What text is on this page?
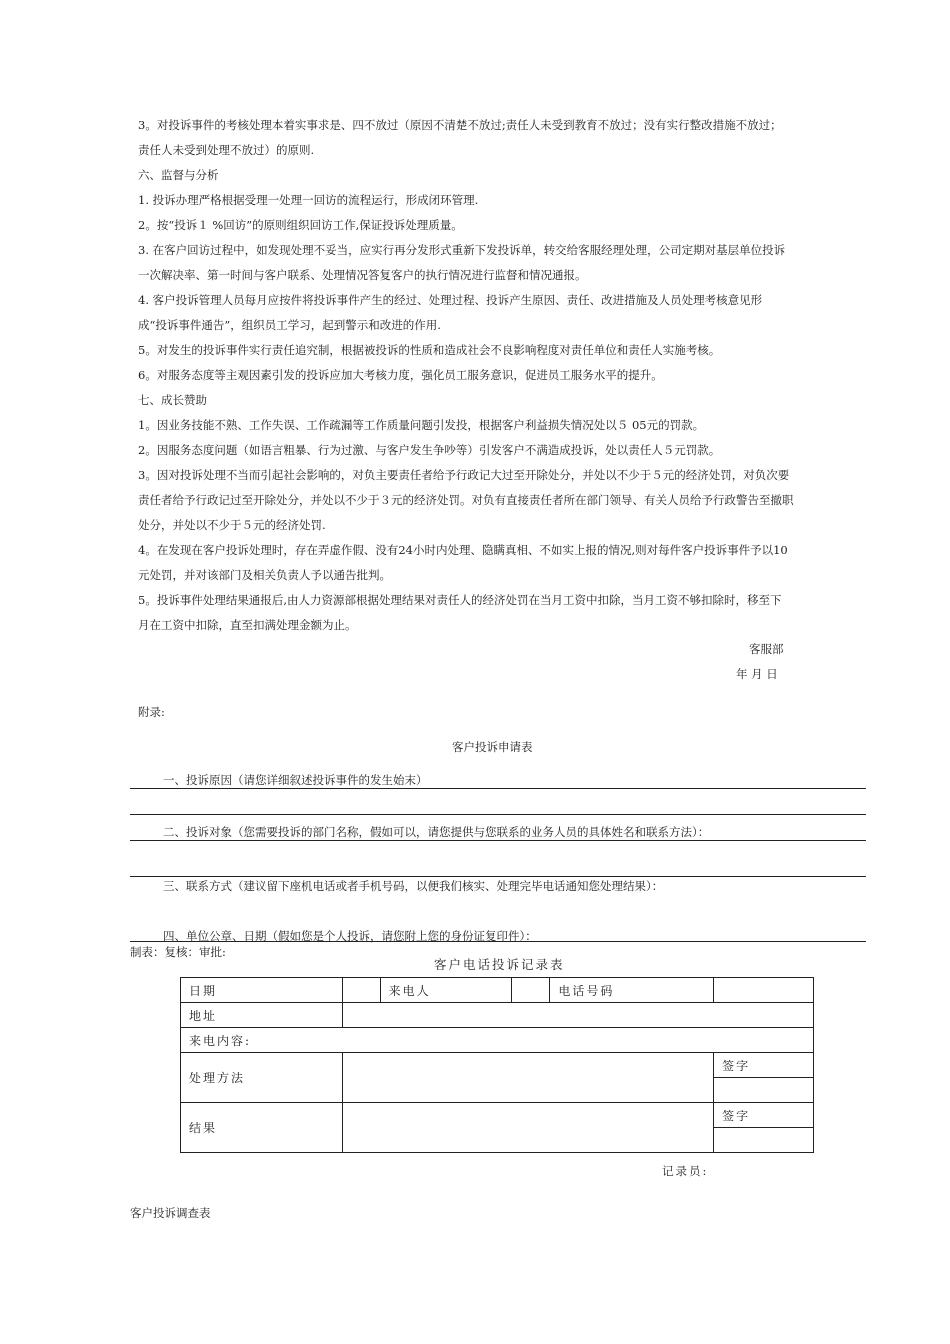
3。对投诉事件的考核处理本着实事求是、四不放过（原因不清楚不放过;责任人未受到教育不放过；没有实行整改措施不放过；

责任人未受到处理不放过）的原则.

六、监督与分析

1. 投诉办理严格根据受理一处理一回访的流程运行，形成闭环管理.

2。按“投诉１ %回访”的原则组织回访工作,保证投诉处理质量。

3. 在客户回访过程中，如发现处理不妥当，应实行再分发形式重新下发投诉单，转交给客服经理处理，公司定期对基层单位投诉

一次解决率、第一时间与客户联系、处理情况答复客户的执行情况进行监督和情况通报。

4. 客户投诉管理人员每月应按件将投诉事件产生的经过、处理过程、投诉产生原因、责任、改进措施及人员处理考核意见形

成“投诉事件通告”，组织员工学习，起到警示和改进的作用.

5。对发生的投诉事件实行责任追究制，根据被投诉的性质和造成社会不良影响程度对责任单位和责任人实施考核。

6。对服务态度等主观因素引发的投诉应加大考核力度，强化员工服务意识，促进员工服务水平的提升。

七、成长赞助

1。因业务技能不熟、工作失误、工作疏漏等工作质量问题引发投，根据客户利益损失情况处以５ 05元的罚款。

2。因服务态度问题（如语言粗暴、行为过激、与客户发生争吵等）引发客户不满造成投诉，处以责任人５元罚款。

3。因对投诉处理不当而引起社会影响的，对负主要责任者给予行政记大过至开除处分，并处以不少于５元的经济处罚，对负次要

责任者给予行政记过至开除处分，并处以不少于３元的经济处罚。对负有直接责任者所在部门领导、有关人员给予行政警告至撤职

处分，并处以不少于５元的经济处罚.

4。在发现在客户投诉处理时，存在弄虚作假、没有24小时内处理、隐瞒真相、不如实上报的情况,则对每件客户投诉事件予以10

元处罚，并对该部门及相关负责人予以通告批判。

5。投诉事件处理结果通报后,由人力资源部根据处理结果对责任人的经济处罚在当月工资中扣除，当月工资不够扣除时，移至下

月在工资中扣除，直至扣满处理金额为止。

客服部
年 月 日
附录:
客户投诉申请表
一、投诉原因（请您详细叙述投诉事件的发生始末）
二、投诉对象（您需要投诉的部门名称，假如可以，请您提供与您联系的业务人员的具体姓名和联系方法）：
三、联系方式（建议留下座机电话或者手机号码，以便我们核实、处理完毕电话通知您处理结果）：
四、单位公章、日期（假如您是个人投诉，请您附上您的身份证复印件）：
制表：复核：审批:
客户电话投诉记录表
日期		来电人		电话号码	
地址					
来电内容:					
处理方法					签字

结果					签字

记录员:
客户投诉调查表
